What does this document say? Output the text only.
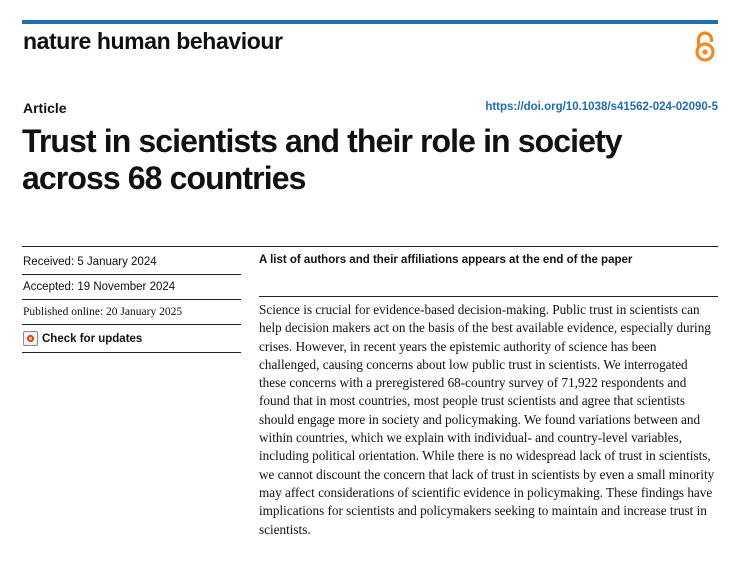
nature human behaviour
Article	https://doi.org/10.1038/s41562-024-02090-5
Trust in scientists and their role in society across 68 countries
Received: 5 January 2024
Accepted: 19 November 2024
Published online: 20 January 2025
Check for updates
A list of authors and their affiliations appears at the end of the paper

Science is crucial for evidence-based decision-making. Public trust in scientists can help decision makers act on the basis of the best available evidence, especially during crises. However, in recent years the epistemic authority of science has been challenged, causing concerns about low public trust in scientists. We interrogated these concerns with a preregistered 68-country survey of 71,922 respondents and found that in most countries, most people trust scientists and agree that scientists should engage more in society and policymaking. We found variations between and within countries, which we explain with individual- and country-level variables, including political orientation. While there is no widespread lack of trust in scientists, we cannot discount the concern that lack of trust in scientists by even a small minority may affect considerations of scientific evidence in policymaking. These findings have implications for scientists and policymakers seeking to maintain and increase trust in scientists.
